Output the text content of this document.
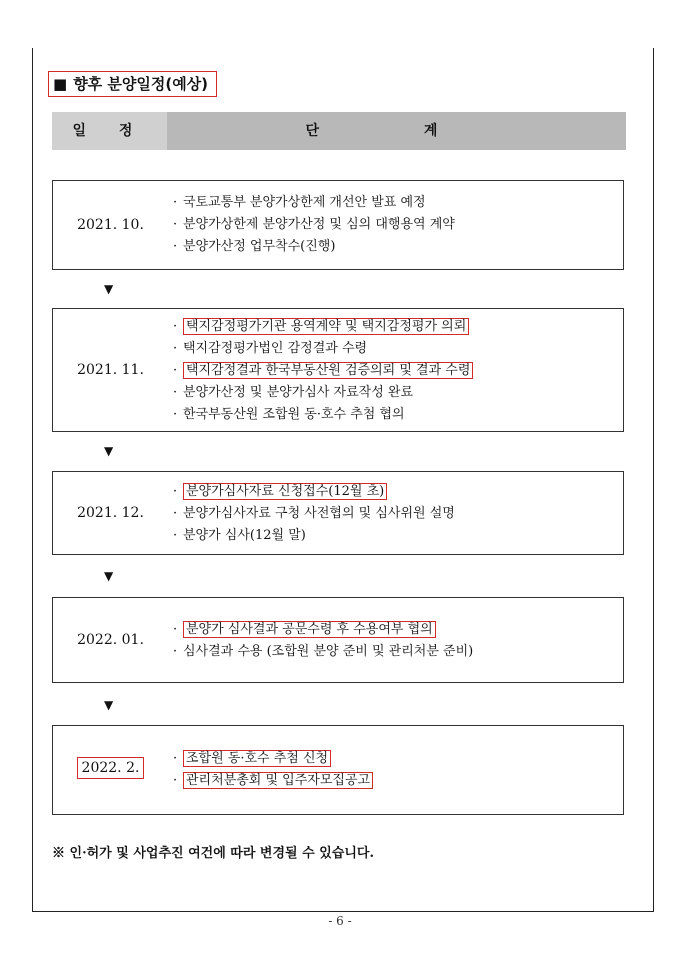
■ 향후 분양일정(예상)
일 정	단 계
2021. 10.
· 국토교통부 분양가상한제 개선안 발표 예정
· 분양가상한제 분양가산정 및 심의 대행용역 계약
· 분양가산정 업무착수(진행)
▼
2021. 11.
· 택지감정평가기관 용역계약 및 택지감정평가 의뢰
· 택지감정평가법인 감정결과 수령
· 택지감정결과 한국부동산원 검증의뢰 및 결과 수령
· 분양가산정 및 분양가심사 자료작성 완료
· 한국부동산원 조합원 동·호수 추첨 협의
▼
2021. 12.
· 분양가심사자료 신청접수(12월 초)
· 분양가심사자료 구청 사전협의 및 심사위원 설명
· 분양가 심사(12월 말)
▼
2022. 01.
· 분양가 심사결과 공문수령 후 수용여부 협의
· 심사결과 수용 (조합원 분양 준비 및 관리처분 준비)
▼
2022. 2.
· 조합원 동·호수 추첨 신청
· 관리처분총회 및 입주자모집공고
※ 인·허가 및 사업추진 여건에 따라 변경될 수 있습니다.
- 6 -
